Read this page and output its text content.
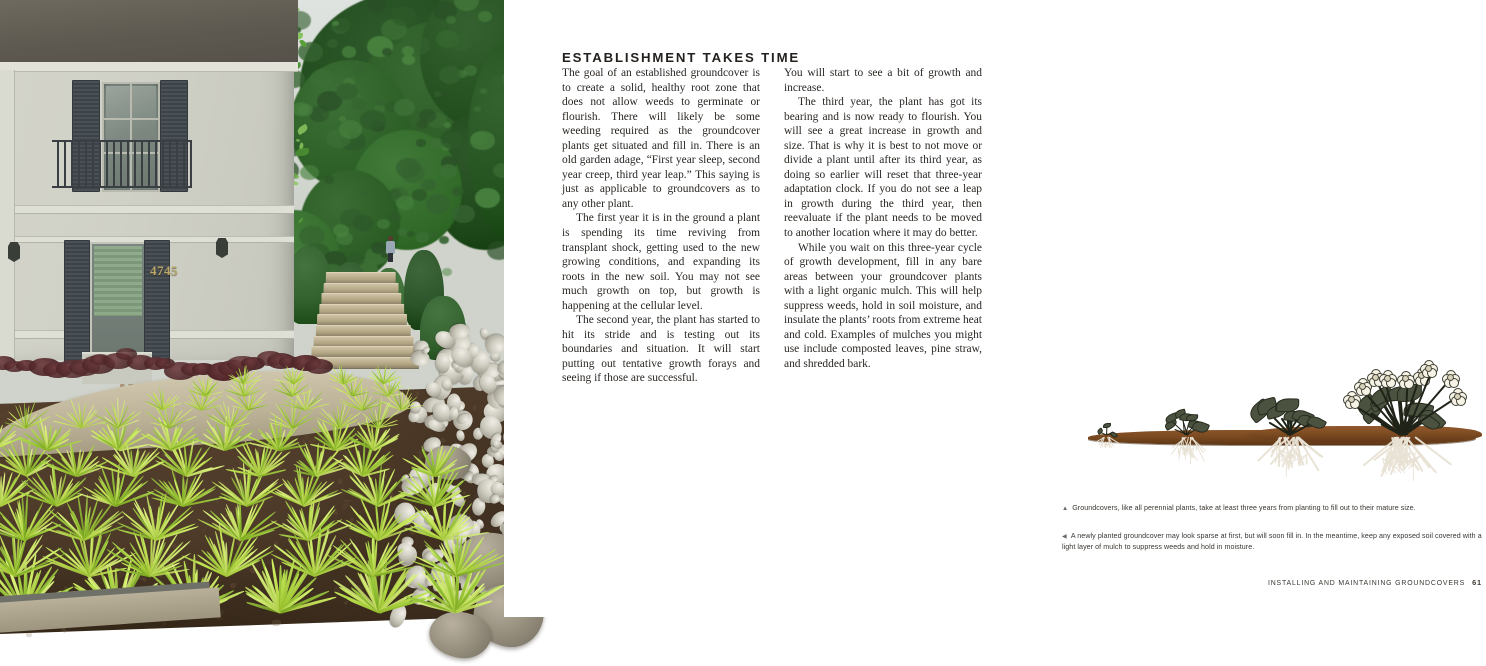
4745
ESTABLISHMENT TAKES TIME

The goal of an established groundcover is to create a solid, healthy root zone that does not allow weeds to germinate or flourish. There will likely be some weeding required as the groundcover plants get situated and fill in. There is an old garden adage, “First year sleep, second year creep, third year leap.” This saying is just as applicable to groundcovers as to any other plant.

The first year it is in the ground a plant is spending its time reviving from transplant shock, getting used to the new growing conditions, and expanding its roots in the new soil. You may not see much growth on top, but growth is happening at the cellular level.

The second year, the plant has started to hit its stride and is testing out its boundaries and situation. It will start putting out tentative growth forays and seeing if those are successful.

You will start to see a bit of growth and increase.

The third year, the plant has got its bearing and is now ready to flourish. You will see a great increase in growth and size. That is why it is best to not move or divide a plant until after its third year, as doing so earlier will reset that three-year adaptation clock. If you do not see a leap in growth during the third year, then reevaluate if the plant needs to be moved to another location where it may do better.

While you wait on this three-year cycle of growth development, fill in any bare areas between your groundcover plants with a light organic mulch. This will help suppress weeds, hold in soil moisture, and insulate the plants’ roots from extreme heat and cold. Examples of mulches you might use include composted leaves, pine straw, and shredded bark.

▲ Groundcovers, like all perennial plants, take at least three years from planting to fill out to their mature size.
◀ A newly planted groundcover may look sparse at first, but will soon fill in. In the meantime, keep any exposed soil covered with a light layer of mulch to suppress weeds and hold in moisture.
INSTALLING AND MAINTAINING GROUNDCOVERS 61
